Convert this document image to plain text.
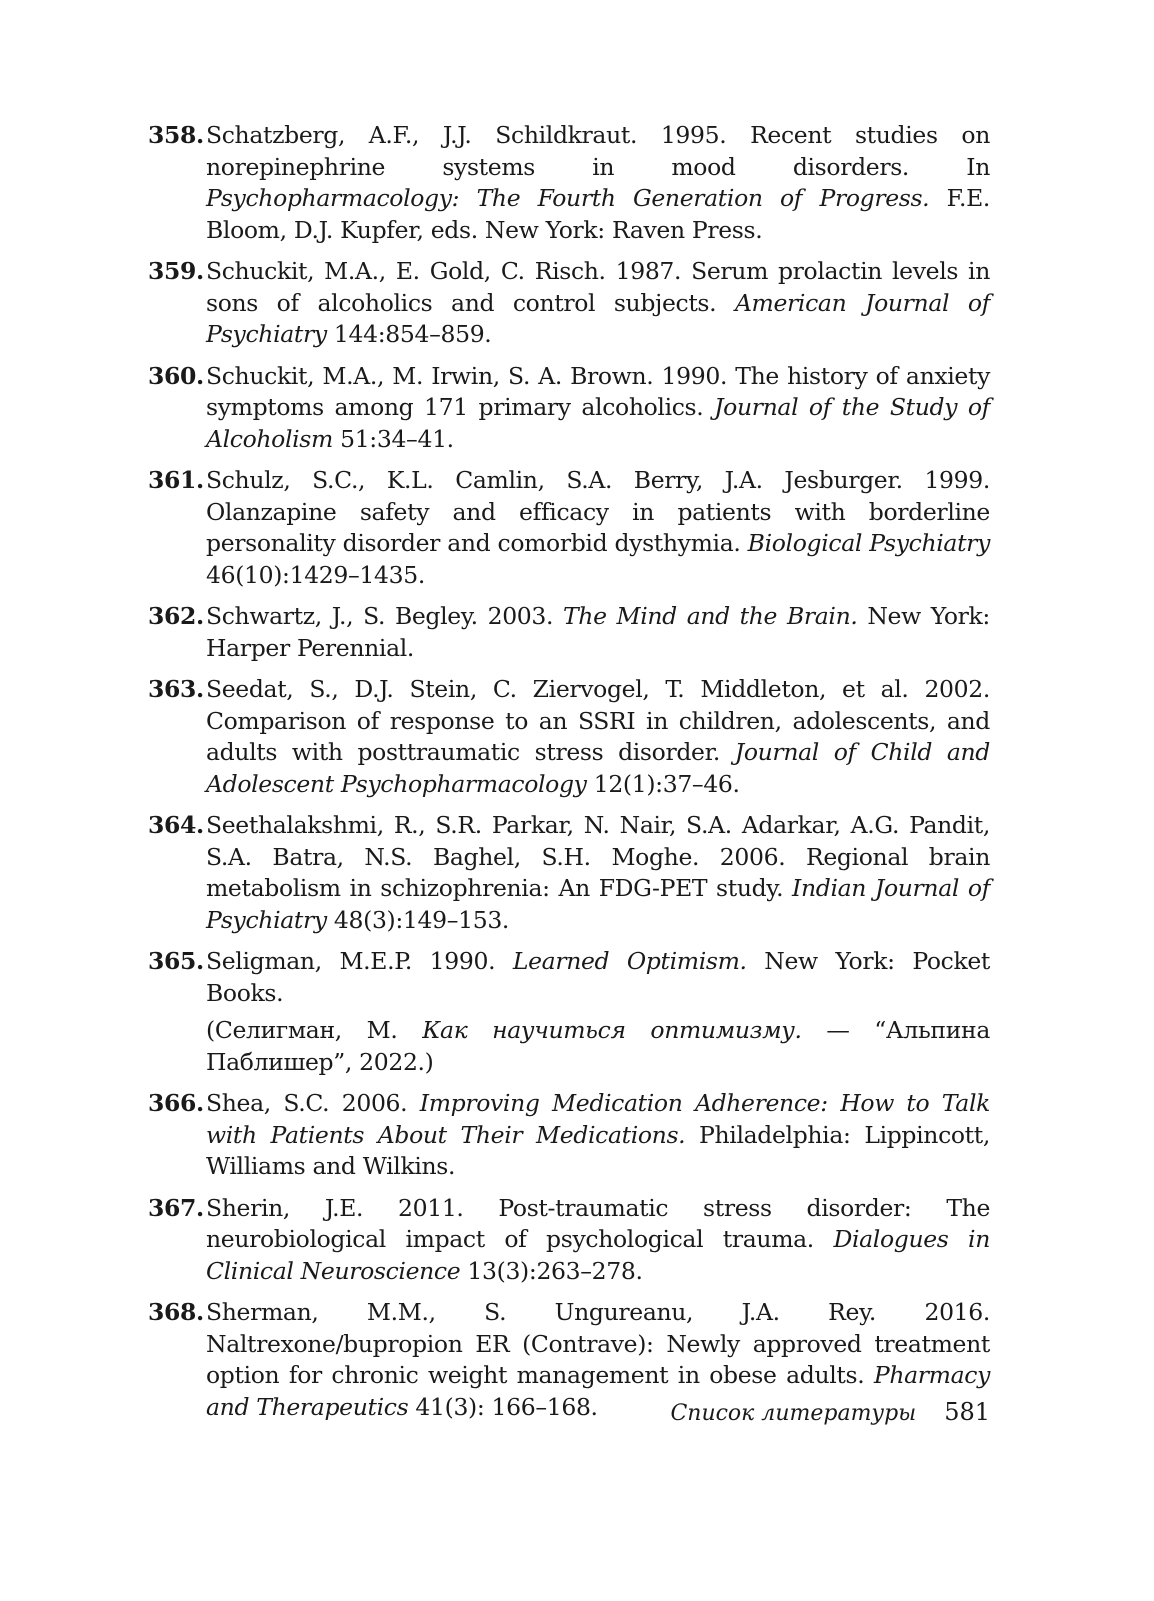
358. Schatzberg, A.F., J.J. Schildkraut. 1995. Recent studies on norepinephrine systems in mood disorders. In Psychopharmacology: The Fourth Generation of Progress. F.E. Bloom, D.J. Kupfer, eds. New York: Raven Press.
359. Schuckit, M.A., E. Gold, C. Risch. 1987. Serum prolactin levels in sons of alcoholics and control subjects. American Journal of Psychiatry 144:854–859.
360. Schuckit, M.A., M. Irwin, S. A. Brown. 1990. The history of anxiety symptoms among 171 primary alcoholics. Journal of the Study of Alcoholism 51:34–41.
361. Schulz, S.C., K.L. Camlin, S.A. Berry, J.A. Jesburger. 1999. Olanzapine safety and efficacy in patients with borderline personality disorder and comorbid dysthymia. Biological Psychiatry 46(10):1429–1435.
362. Schwartz, J., S. Begley. 2003. The Mind and the Brain. New York: Harper Perennial.
363. Seedat, S., D.J. Stein, C. Ziervogel, T. Middleton, et al. 2002. Comparison of response to an SSRI in children, adolescents, and adults with posttraumatic stress disorder. Journal of Child and Adolescent Psychopharmacology 12(1):37–46.
364. Seethalakshmi, R., S.R. Parkar, N. Nair, S.A. Adarkar, A.G. Pandit, S.A. Batra, N.S. Baghel, S.H. Moghe. 2006. Regional brain metabolism in schizophrenia: An FDG-PET study. Indian Journal of Psychiatry 48(3):149–153.
365. Seligman, M.E.P. 1990. Learned Optimism. New York: Pocket Books.
(Селигман, М. Как научиться оптимизму. — “Альпина Паблишер”, 2022.)
366. Shea, S.C. 2006. Improving Medication Adherence: How to Talk with Patients About Their Medications. Philadelphia: Lippincott, Williams and Wilkins.
367. Sherin, J.E. 2011. Post-traumatic stress disorder: The neurobiological impact of psychological trauma. Dialogues in Clinical Neuroscience 13(3):263–278.
368. Sherman, M.M., S. Ungureanu, J.A. Rey. 2016. Naltrexone/bupropion ER (Contrave): Newly approved treatment option for chronic weight management in obese adults. Pharmacy and Therapeutics 41(3): 166–168.	Список литературы 581
